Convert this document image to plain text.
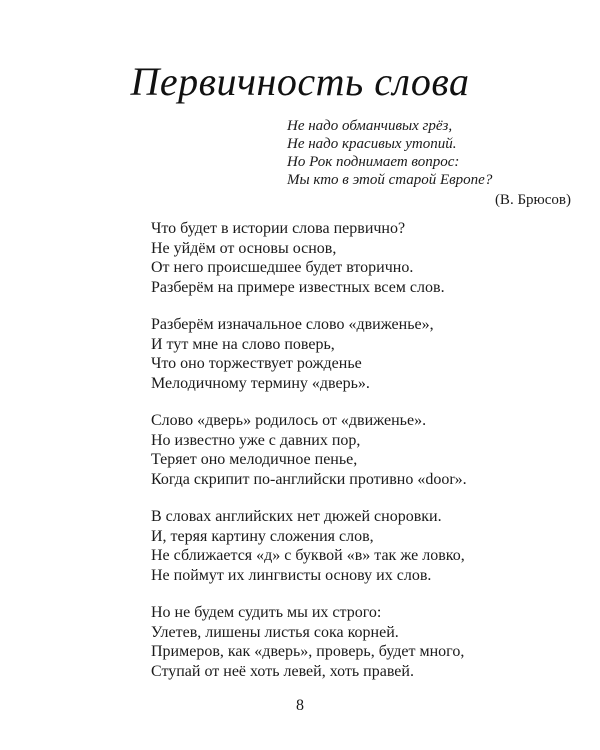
Первичность слова
Не надо обманчивых грёз,
Не надо красивых утопий.
Но Рок поднимает вопрос:
Мы кто в этой старой Европе?
(В. Брюсов)
Что будет в истории слова первично?
Не уйдём от основы основ,
От него происшедшее будет вторично.
Разберём на примере известных всем слов.
Разберём изначальное слово «движенье»,
И тут мне на слово поверь,
Что оно торжествует рожденье
Мелодичному термину «дверь».
Слово «дверь» родилось от «движенье».
Но известно уже с давних пор,
Теряет оно мелодичное пенье,
Когда скрипит по-английски противно «door».
В словах английских нет дюжей сноровки.
И, теряя картину сложения слов,
Не сближается «д» с буквой «в» так же ловко,
Не поймут их лингвисты основу их слов.
Но не будем судить мы их строго:
Улетев, лишены листья сока корней.
Примеров, как «дверь», проверь, будет много,
Ступай от неё хоть левей, хоть правей.
8
